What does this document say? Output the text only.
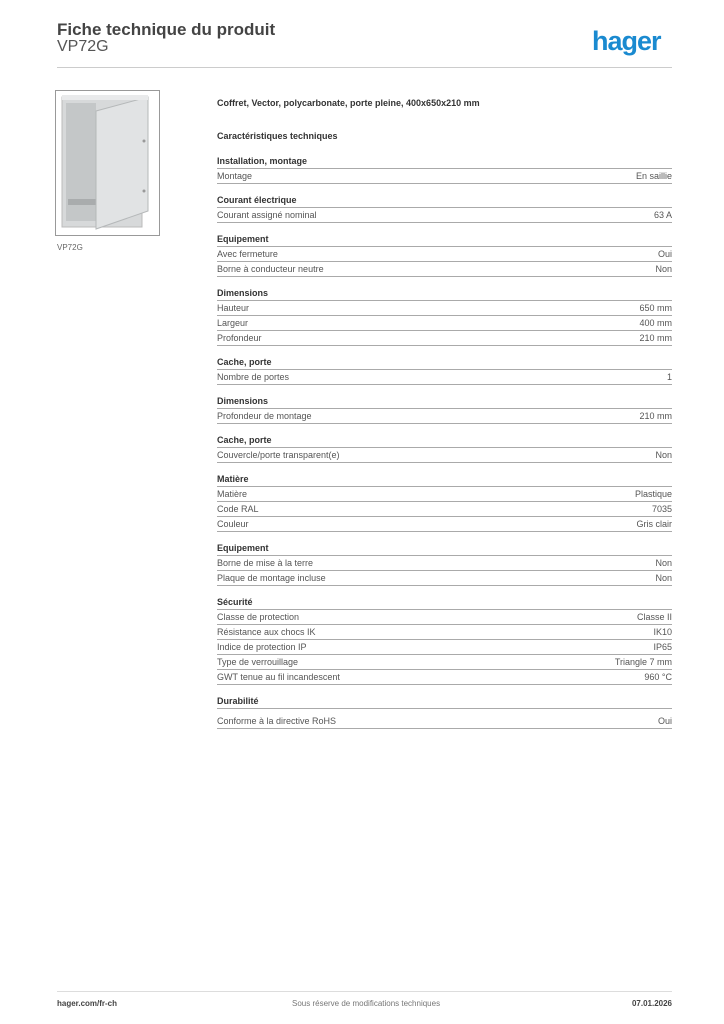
Fiche technique du produit
VP72G	hager
VP72G
Coffret, Vector, polycarbonate, porte pleine, 400x650x210 mm
Caractéristiques techniques
Installation, montage
Montage	En saillie
Courant électrique
Courant assigné nominal	63 A
Equipement
Avec fermeture	Oui
Borne à conducteur neutre	Non
Dimensions
Hauteur	650 mm
Largeur	400 mm
Profondeur	210 mm
Cache, porte
Nombre de portes	1
Dimensions
Profondeur de montage	210 mm
Cache, porte
Couvercle/porte transparent(e)	Non
Matière
Matière	Plastique
Code RAL	7035
Couleur	Gris clair
Equipement
Borne de mise à la terre	Non
Plaque de montage incluse	Non
Sécurité
Classe de protection	Classe II
Résistance aux chocs IK	IK10
Indice de protection IP	IP65
Type de verrouillage	Triangle 7 mm
GWT tenue au fil incandescent	960 °C
Durabilité
Conforme à la directive RoHS	Oui
hager.com/fr-ch	Sous réserve de modifications techniques	07.01.2026
